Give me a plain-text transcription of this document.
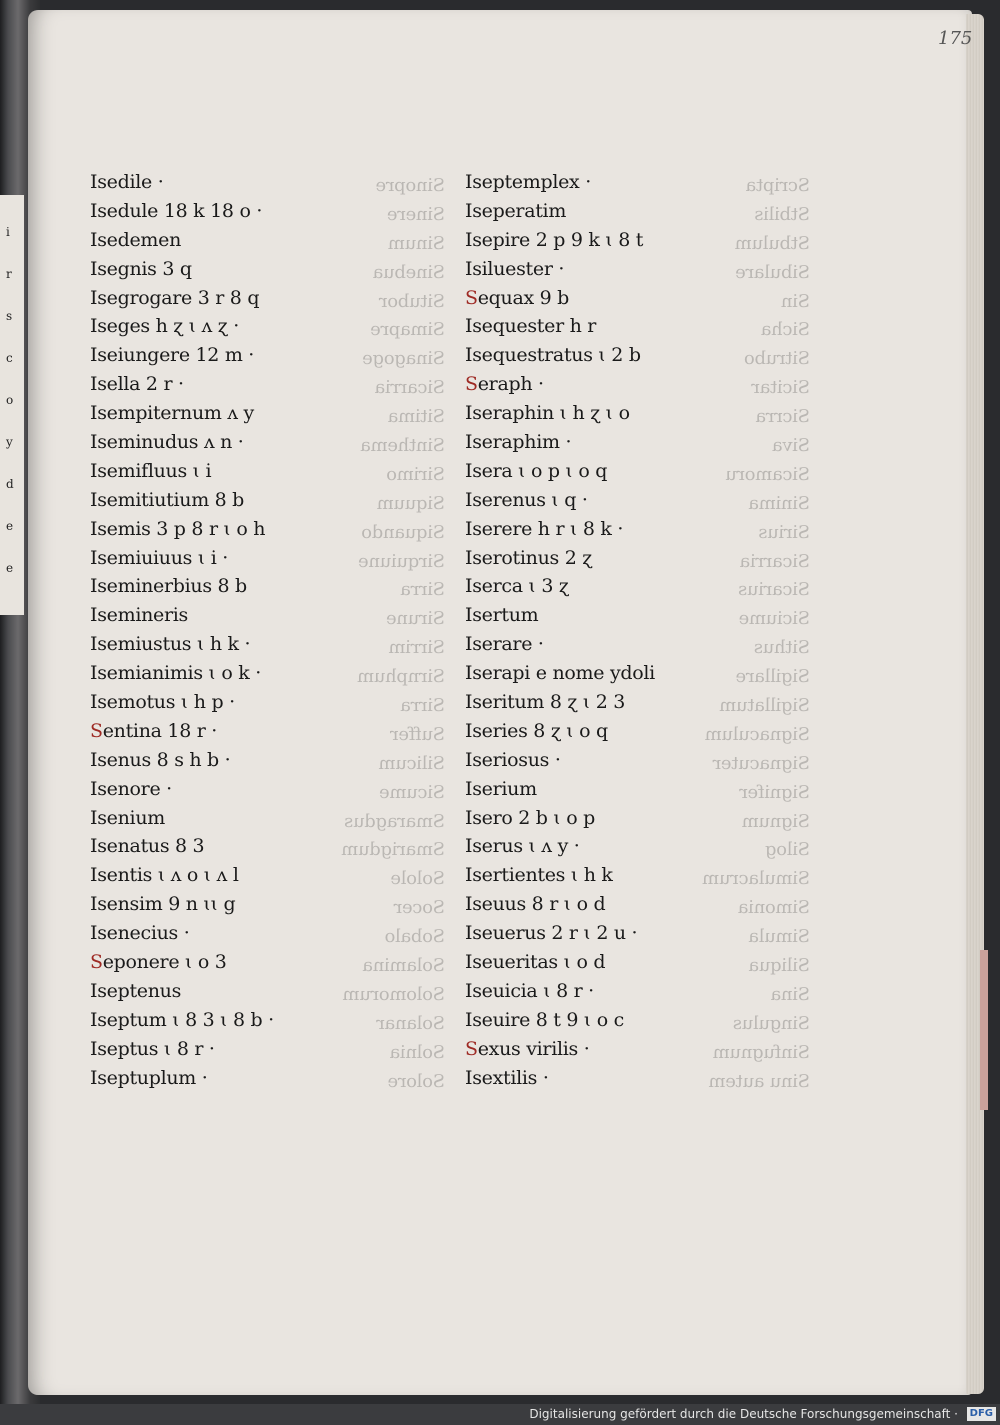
i
r
s
c
o
y
d
e
e
175
Sinopre
Sinere
Sinum
Sinebua
Situbor
Simapre
Sinagoge
Sicarria
Sitima
Sinthema
Sirimo
Siquum
Siquando
Sirquiune
Sirra
Sirune
Sirrim
Sirnphum
Sirra
Suffer
Silicum
Sicume
Smaragdus
Smarigdum
Solole
Socer
Sobalo
Solamina
Solomorum
Solanar
Solnia
Solore
Scripta
Stbilis
Stbulum
Sibulare
Sin
Sicha
Sitrubo
Sicitar
Sicrra
Siva
Sicamoru
Sinima
Sirius
Sicarria
Sicarius
Siciume
Sithus
Sigillare
Sigillatum
Signaculum
Signacuter
Signifer
Signum
Silog
Simulacrum
Simonia
Simula
Siliqua
Sina
Singulus
Sinfugnum
Sinu autem
Isedile ·
Isedule 18 k 18 o ·
Isedemen
Isegnis 3 q
Isegrogare 3 r 8 q
Iseges h ɀ ɩ ʌ ɀ ·
Iseiungere 12 m ·
Isella 2 r ·
Isempiternum ʌ y
Iseminudus ʌ n ·
Isemifluus ɩ i
Isemitiutium 8 b
Isemis 3 p 8 r ɩ o h
Isemiuiuus ɩ i ·
Iseminerbius 8 b
Isemineris
Isemiustus ɩ h k ·
Isemianimis ɩ o k ·
Isemotus ɩ h p ·
Sentina 18 r ·
Isenus 8 s h b ·
Isenore ·
Isenium
Isenatus 8 3
Isentis ɩ ʌ o ɩ ʌ l
Isensim 9 n ɩɩ g
Isenecius ·
Seponere ɩ o 3
Iseptenus
Iseptum ɩ 8 3 ɩ 8 b ·
Iseptus ɩ 8 r ·
Iseptuplum ·
Iseptemplex ·
Iseperatim
Isepire 2 p 9 k ɩ 8 t
Isiluester ·
Sequax 9 b
Isequester h r
Isequestratus ɩ 2 b
Seraph ·
Iseraphin ɩ h ɀ ɩ o
Iseraphim ·
Isera ɩ o p ɩ o q
Iserenus ɩ q ·
Iserere h r ɩ 8 k ·
Iserotinus 2 ɀ
Iserca ɩ 3 ɀ
Isertum
Iserare ·
Iserapi e nome ydoli
Iseritum 8 ɀ ɩ 2 3
Iseries 8 ɀ ɩ o q
Iseriosus ·
Iserium
Isero 2 b ɩ o p
Iserus ɩ ʌ y ·
Isertientes ɩ h k
Iseuus 8 r ɩ o d
Iseuerus 2 r ɩ 2 u ·
Iseueritas ɩ o d
Iseuicia ɩ 8 r ·
Iseuire 8 t 9 ɩ o c
Sexus virilis ·
Isextilis ·
Digitalisierung gefördert durch die Deutsche Forschungsgemeinschaft ·	DFG
